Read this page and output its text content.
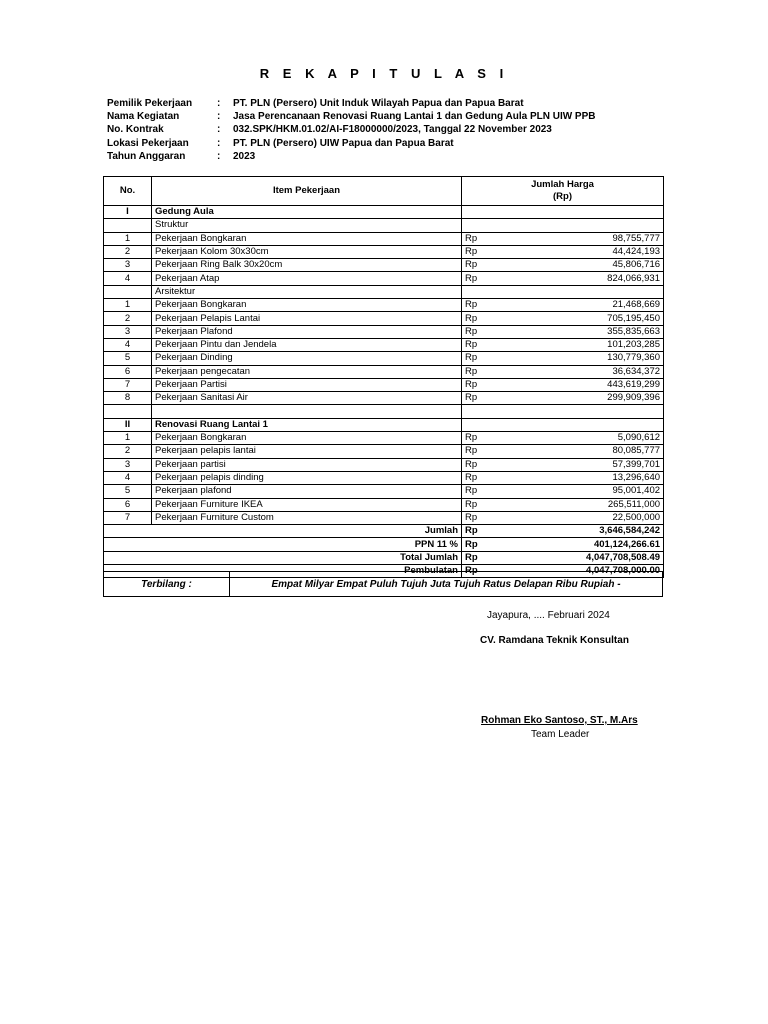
R E K A P I T U L A S I
Pemilik Pekerjaan	:	PT. PLN (Persero) Unit Induk Wilayah Papua dan Papua Barat
Nama Kegiatan	:	Jasa Perencanaan Renovasi Ruang Lantai 1 dan Gedung Aula PLN UIW PPB
No. Kontrak	:	032.SPK/HKM.01.02/AI-F18000000/2023, Tanggal 22 November 2023
Lokasi Pekerjaan	:	PT. PLN (Persero) UIW Papua dan Papua Barat
Tahun Anggaran	:	2023
No.	Item Pekerjaan	Jumlah Harga
(Rp)	
I	Gedung Aula		
	Struktur		
1	Pekerjaan Bongkaran	Rp	98,755,777
2	Pekerjaan Kolom 30x30cm	Rp	44,424,193
3	Pekerjaan Ring Balk 30x20cm	Rp	45,806,716
4	Pekerjaan Atap	Rp	824,066,931
	Arsitektur		
1	Pekerjaan Bongkaran	Rp	21,468,669
2	Pekerjaan Pelapis Lantai	Rp	705,195,450
3	Pekerjaan Plafond	Rp	355,835,663
4	Pekerjaan Pintu dan Jendela	Rp	101,203,285
5	Pekerjaan Dinding	Rp	130,779,360
6	Pekerjaan pengecatan	Rp	36,634,372
7	Pekerjaan Partisi	Rp	443,619,299
8	Pekerjaan Sanitasi Air	Rp	299,909,396

II	Renovasi Ruang Lantai 1		
1	Pekerjaan Bongkaran	Rp	5,090,612
2	Pekerjaan pelapis lantai	Rp	80,085,777
3	Pekerjaan partisi	Rp	57,399,701
4	Pekerjaan pelapis dinding	Rp	13,296,640
5	Pekerjaan plafond	Rp	95,001,402
6	Pekerjaan Furniture IKEA	Rp	265,511,000
7	Pekerjaan Furniture Custom	Rp	22,500,000
Jumlah		Rp	3,646,584,242
PPN 11 %		Rp	401,124,266.61
Total Jumlah		Rp	4,047,708,508.49
Pembulatan		Rp	4,047,708,000.00
Terbilang :	Empat Milyar Empat Puluh Tujuh Juta Tujuh Ratus Delapan Ribu Rupiah -
Jayapura, .... Februari 2024
CV. Ramdana Teknik Konsultan
Rohman Eko Santoso, ST., M.Ars
Team Leader
